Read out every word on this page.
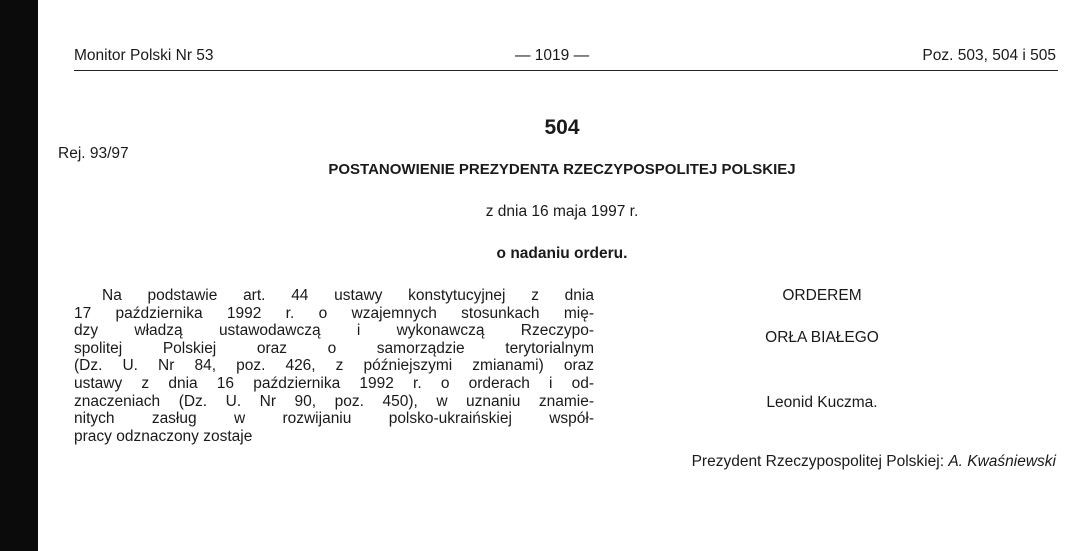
Monitor Polski Nr 53	— 1019 —	Poz. 503, 504 i 505
504
Rej. 93/97
POSTANOWIENIE PREZYDENTA RZECZYPOSPOLITEJ POLSKIEJ
z dnia 16 maja 1997 r.
o nadaniu orderu.
Na podstawie art. 44 ustawy konstytucyjnej z dnia
17 października 1992 r. o wzajemnych stosunkach mię-
dzy władzą ustawodawczą i wykonawczą Rzeczypo-
spolitej Polskiej oraz o samorządzie terytorialnym
(Dz. U. Nr 84, poz. 426, z późniejszymi zmianami) oraz
ustawy z dnia 16 października 1992 r. o orderach i od-
znaczeniach (Dz. U. Nr 90, poz. 450), w uznaniu znamie-
nitych zasług w rozwijaniu polsko-ukraińskiej współ-
pracy odznaczony zostaje
ORDEREM
ORŁA BIAŁEGO
Leonid Kuczma.
Prezydent Rzeczypospolitej Polskiej: A. Kwaśniewski
